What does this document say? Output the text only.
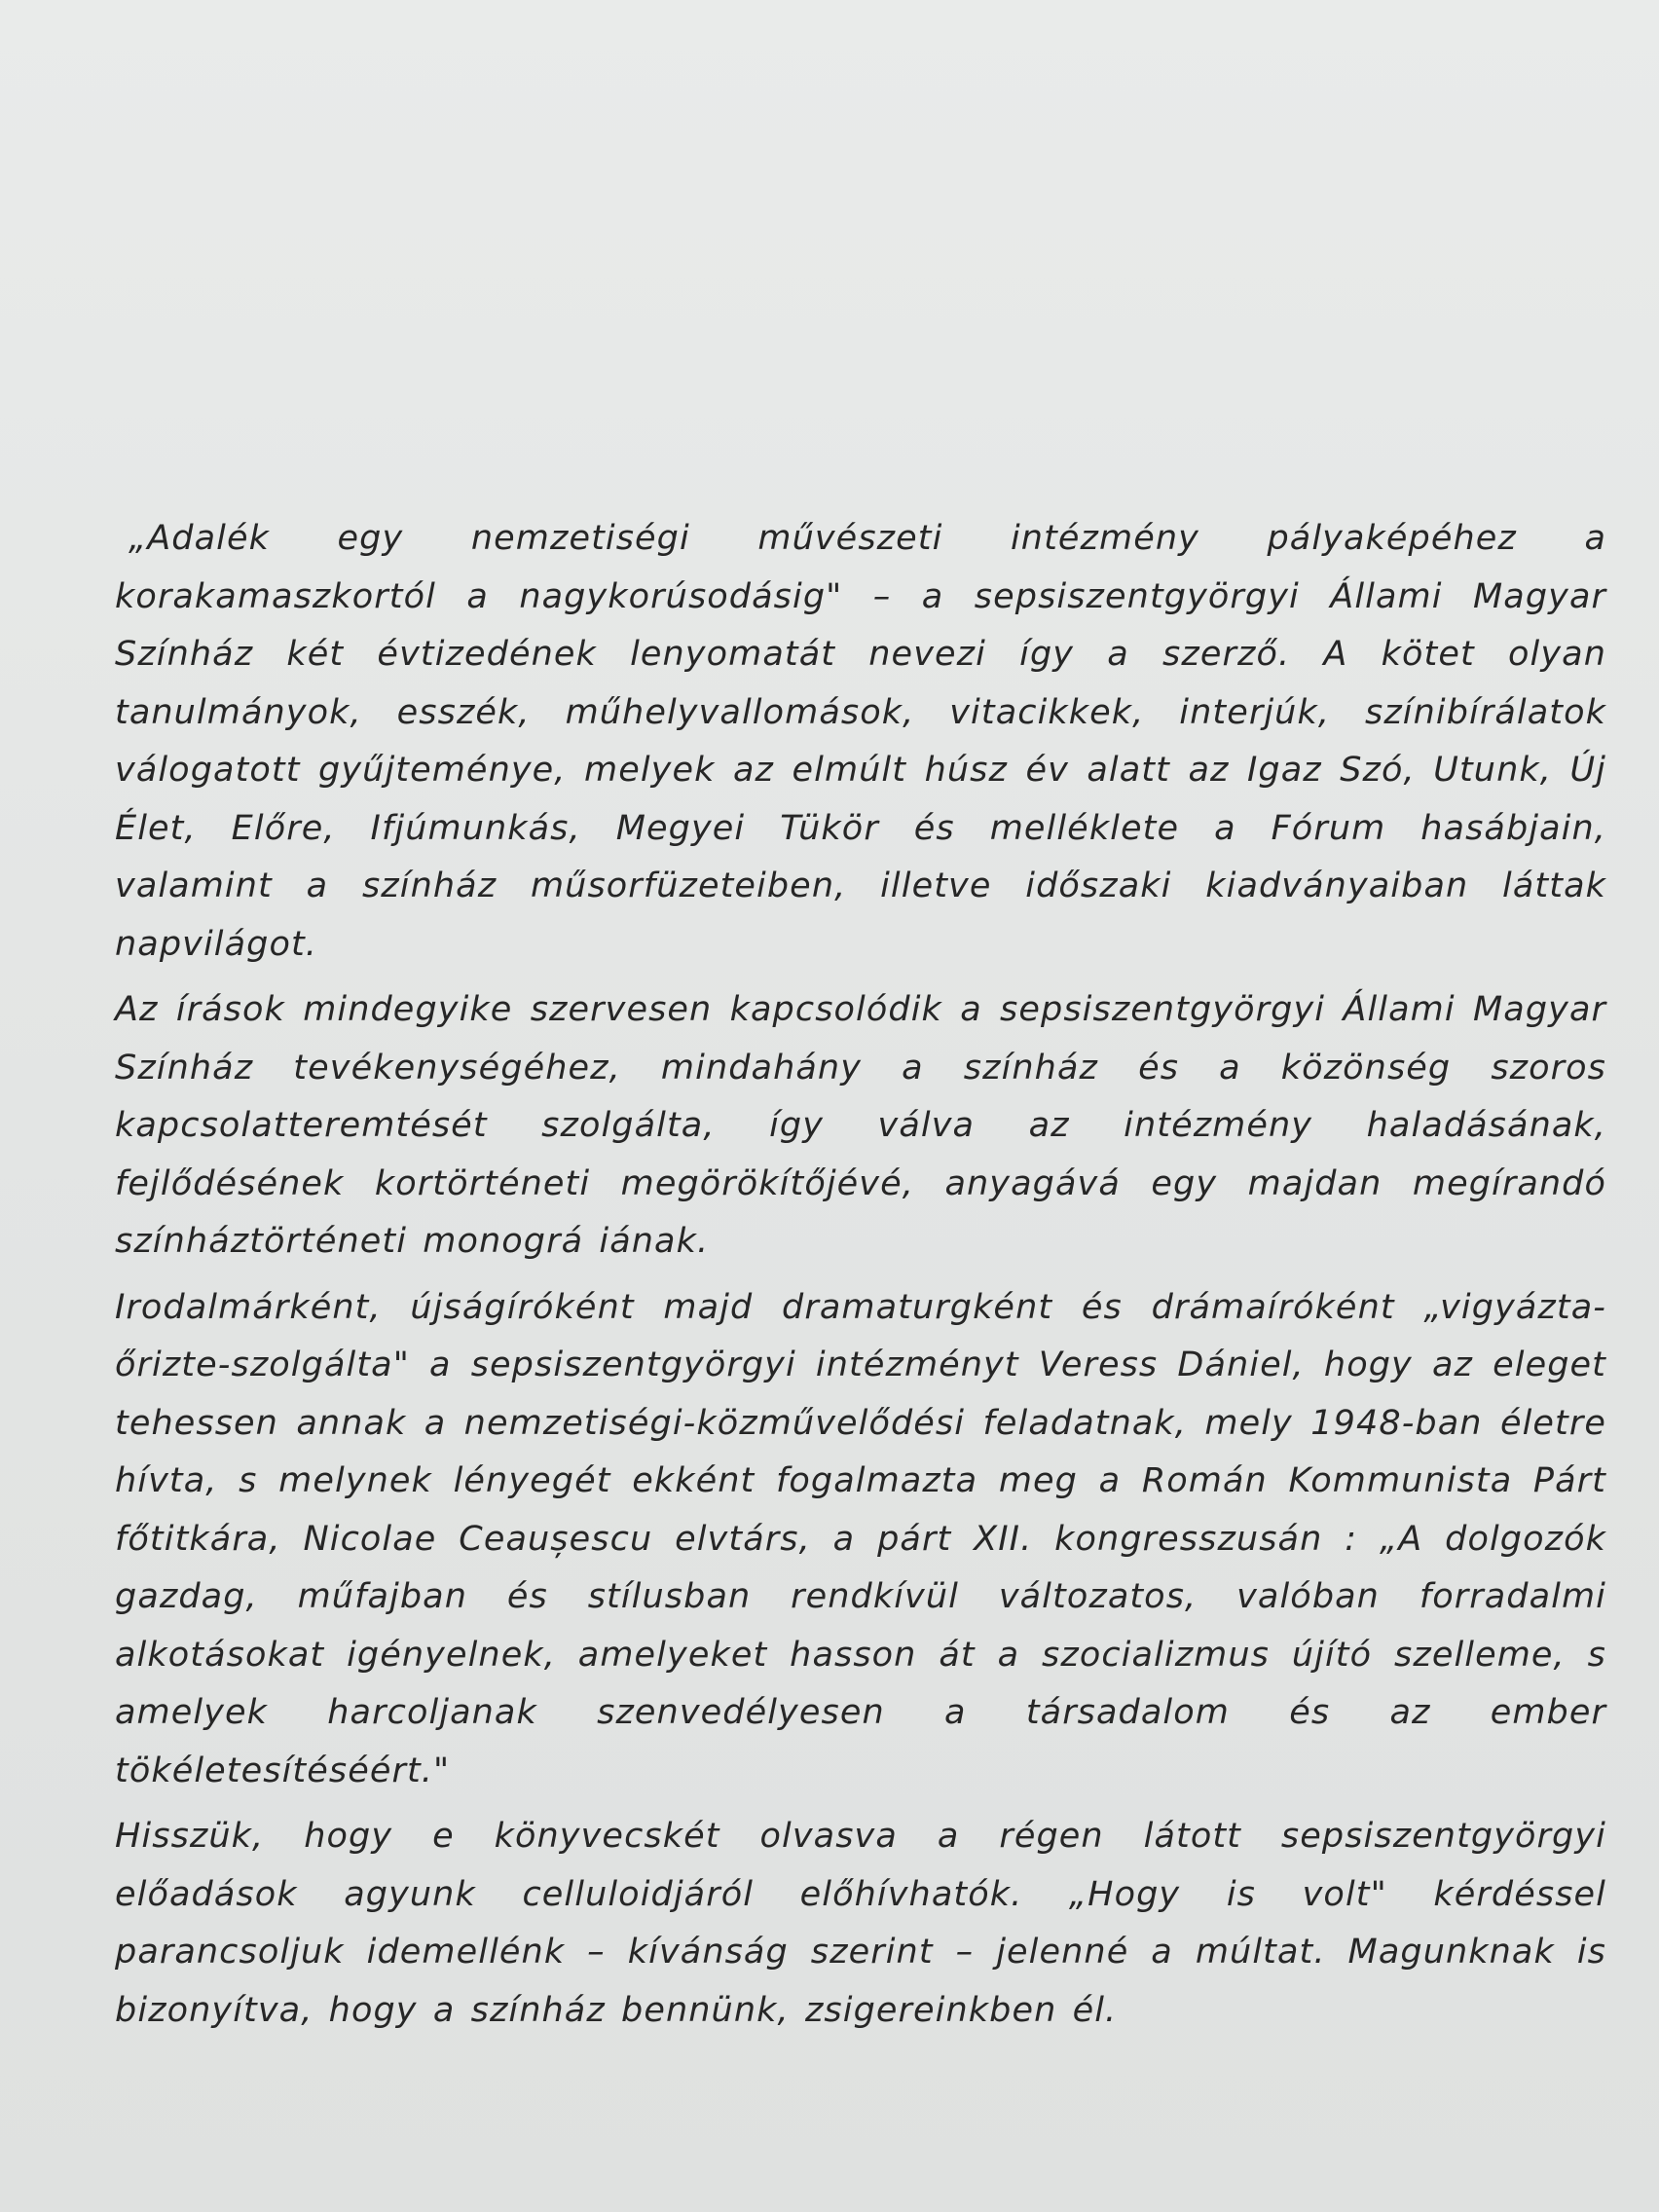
„Adalék egy nemzetiségi művészeti intézmény pályaképéhez a korakamaszkortól a nagykorúsodásig" – a sepsiszentgyörgyi Állami Magyar Színház két évtizedének lenyomatát nevezi így a szerző. A kötet olyan tanulmányok, esszék, műhelyvallomások, vitacikkek, interjúk, színibírálatok válogatott gyűjteménye, melyek az elmúlt húsz év alatt az Igaz Szó, Utunk, Új Élet, Előre, Ifjúmunkás, Megyei Tükör és melléklete a Fórum hasábjain, valamint a színház műsorfüzeteiben, illetve időszaki kiadványaiban láttak napvilágot.

Az írások mindegyike szervesen kapcsolódik a sepsiszentgyörgyi Állami Magyar Színház tevékenységéhez, mindahány a színház és a közönség szoros kapcsolatteremtését szolgálta, így válva az intézmény haladásának, fejlődésének kortörténeti megörökítőjévé, anyagává egy majdan megírandó színháztörténeti monográ iának.

Irodalmárként, újságíróként majd dramaturgként és drámaíróként „vigyázta-őrizte-szolgálta" a sepsiszentgyörgyi intézményt Veress Dániel, hogy az eleget tehessen annak a nemzetiségi-közművelődési feladatnak, mely 1948-ban életre hívta, s melynek lényegét ekként fogalmazta meg a Román Kommunista Párt főtitkára, Nicolae Ceaușescu elvtárs, a párt XII. kongresszusán : „A dolgozók gazdag, műfajban és stílusban rendkívül változatos, valóban forradalmi alkotásokat igényelnek, amelyeket hasson át a szocializmus újító szelleme, s amelyek harcoljanak szenvedélyesen a társadalom és az ember tökéletesítéséért."

Hisszük, hogy e könyvecskét olvasva a régen látott sepsiszentgyörgyi előadások agyunk celluloidjáról előhívhatók. „Hogy is volt" kérdéssel parancsoljuk idemellénk – kívánság szerint – jelenné a múltat. Magunknak is bizonyítva, hogy a színház bennünk, zsigereinkben él.
